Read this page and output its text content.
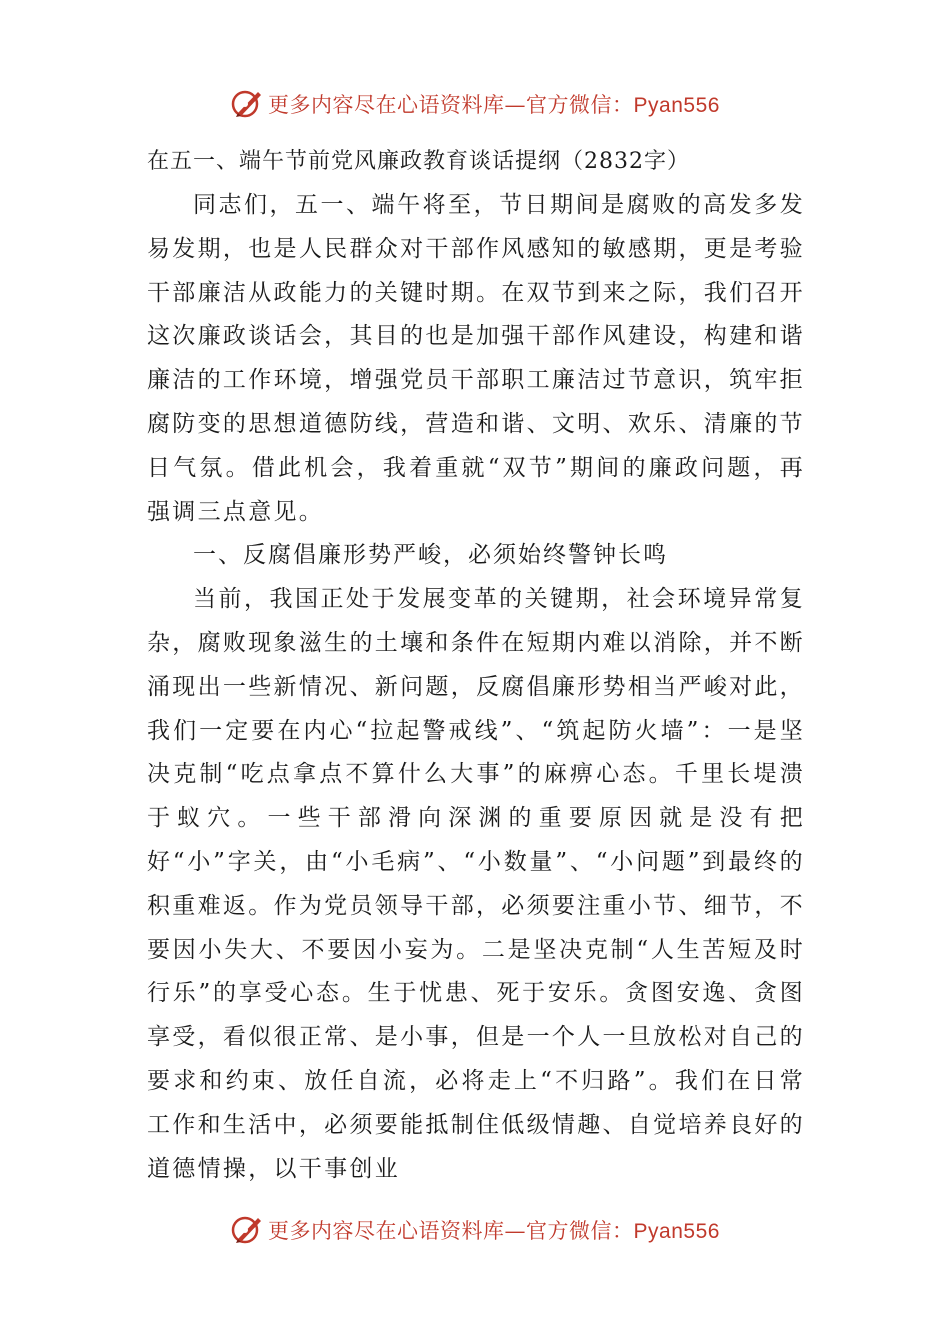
更多内容尽在心语资料库—官方微信：Pyan556
在五一、端午节前党风廉政教育谈话提纲（2832字）

同志们，五一、端午将至，节日期间是腐败的高发多发易发期，也是人民群众对干部作风感知的敏感期，更是考验干部廉洁从政能力的关键时期。在双节到来之际，我们召开这次廉政谈话会，其目的也是加强干部作风建设，构建和谐廉洁的工作环境，增强党员干部职工廉洁过节意识，筑牢拒腐防变的思想道德防线，营造和谐、文明、欢乐、清廉的节日气氛。借此机会，我着重就“双节”期间的廉政问题，再强调三点意见。

一、反腐倡廉形势严峻，必须始终警钟长鸣

当前，我国正处于发展变革的关键期，社会环境异常复杂，腐败现象滋生的土壤和条件在短期内难以消除，并不断涌现出一些新情况、新问题，反腐倡廉形势相当严峻对此，我们一定要在内心“拉起警戒线”、“筑起防火墙”：一是坚决克制“吃点拿点不算什么大事”的麻痹心态。千里长堤溃于蚁穴。一些干部滑向深渊的重要原因就是没有把好“小”字关，由“小毛病”、“小数量”、“小问题”到最终的积重难返。作为党员领导干部，必须要注重小节、细节，不要因小失大、不要因小妄为。二是坚决克制“人生苦短及时行乐”的享受心态。生于忧患、死于安乐。贪图安逸、贪图享受，看似很正常、是小事，但是一个人一旦放松对自己的要求和约束、放任自流，必将走上“不归路”。我们在日常工作和生活中，必须要能抵制住低级情趣、自觉培养良好的道德情操，以干事创业

更多内容尽在心语资料库—官方微信：Pyan556
